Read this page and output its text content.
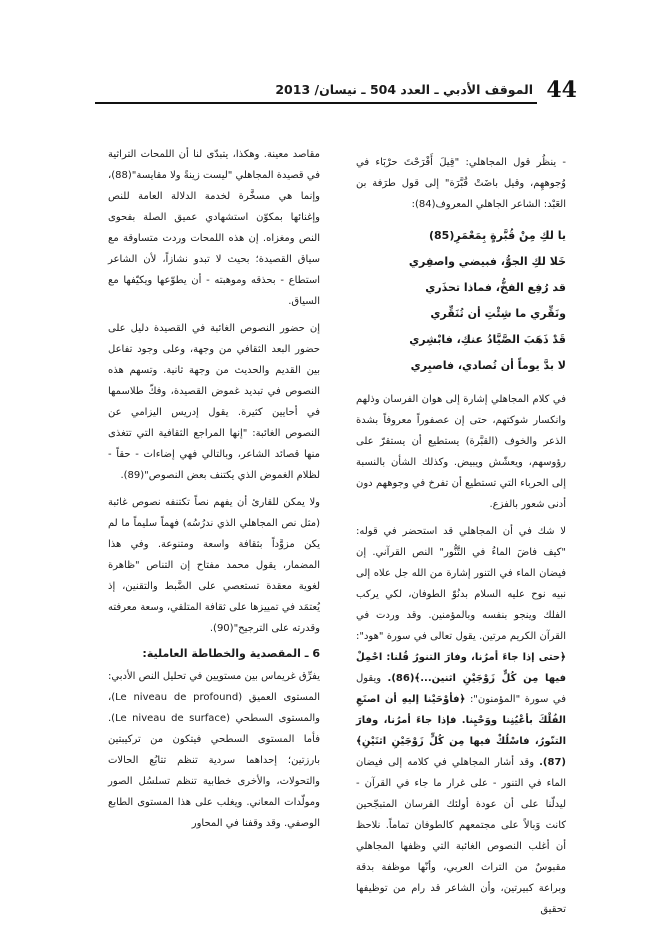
44
الموقف الأدبي ـ العدد 504 ـ نيسان/ 2013

- ينظُر قول المجاهلي: "قِيلَ أَفْرَحْتَ حرْبَاء في وُجوههِم، وقيل باضَتْ قُبَّرَة" إلى قول طرَفة بن العَبْد: الشاعر الجاهلي المعروف(84):

يا لكِ مِنْ قُبَّرةٍ بِمَعْمَرِ(85)
خَلا لكِ الجوُّ، فبيضي واصفِري
قد رُفِع الفخُّ، فماذا تحذَري
ونَقِّري ما شِئْتِ أن تُنَقِّري
قَدْ ذَهَبَ الصَّيَّادُ عنكِ، فابْشِري
لا بدَّ يوماً أن تُصادي، فاصبِري

في كلام المجاهلي إشارة إلى هوان الفرسان وذلهم وانكسار شوكتهم، حتى إن عصفوراً معروفاً بشدة الذعر والخوف (القبَّرة) يستطيع أن يستقرّ على رؤوسهم، ويعشّش ويبيض. وكذلك الشأن بالنسبة إلى الحرباء التي تستطيع أن تفرخ في وجوههم دون أدنى شعور بالفزع.

لا شك في أن المجاهلي قد استحضر في قوله: "كيف فاضَ الماءُ في التَّنُّور" النص القرآني. إن فيضان الماء في التنور إشارة من الله جل علاه إلى نبيه نوح عليه السلام بدنُوّ الطوفان، لكي يركب الفلك وينجو بنفسه وبالمؤمنين. وقد وردت في القرآن الكريم مرتين. يقول تعالى في سورة "هود": ﴿حتى إذا جاءَ أمرُنا، وفارَ التنورُ قُلنا: احْمِلْ فيها مِن كُلٍّ زَوْجَيْنِ اثنين...﴾(86). ويقول في سورة "المؤمنون": ﴿فأوْحَيْنا إليهِ أن اصنَعِ الفُلْكَ بأعْيُنِنا ووَحْيِنا. فإذا جاءَ أمرُنا، وفارَ التنّورُ، فاسْلُكْ فيها مِن كُلٍّ زَوْجَيْنِ اثنَيْنِ﴾(87). وقد أشار المجاهلي في كلامه إلى فيضان الماء في التنور - على غرار ما جاء في القرآن - ليدلّنا على أن عودة أولئك الفرسان المتبجّحين كانت وَبالاً على مجتمعهم كالطوفان تماماً. نلاحظ أن أغلب النصوص الغائبة التي وظفها المجاهلي مقبوسٌ من التراث العربي، وأنّها موظفة بدقة وبراعة كبيرتين، وأن الشاعر قد رام من توظيفها تحقيق

مقاصد معينة. وهكذا، يتبدّى لنا أن اللمحات التراثية في قصيدة المجاهلي "ليست زينةً ولا مقايسة"(88)، وإنما هي مسخَّرة لخدمة الدلالة العامة للنص وإغنائها بمكوّن استشهادي عميق الصلة بفحوى النص ومغزاه. إن هذه اللمحات وردت متساوقة مع سياق القصيدة؛ بحيث لا تبدو نشازاً، لأن الشاعر استطاع - بحذقه وموهبته - أن يطوّعها ويكيّفها مع السياق.

إن حضور النصوص الغائبة في القصيدة دليل على حضور البعد الثقافي من وجهة، وعلى وجود تفاعل بين القديم والحديث من وجهة ثانية. وتسهم هذه النصوص في تبديد غموض القصيدة، وفكّ طلاسمها في أحايين كثيرة. يقول إدريس اليزامي عن النصوص الغائبة: "إنها المراجع الثقافية التي تتغذى منها قصائد الشاعر، وبالتالي فهي إضاءات - حقاً - لظلام الغموض الذي يكتنف بعض النصوص"(89).

ولا يمكن للقارئ أن يفهم نصاً تكتنفه نصوص غائبة (مثل نص المجاهلي الذي ندرُسُه) فهماً سليماً ما لم يكن مزوَّداً بثقافة واسعة ومتنوعة. وفي هذا المضمار، يقول محمد مفتاح إن التناص "ظاهرة لغوية معقدة تستعصي على الضَّبط والتقنين، إذ يُعتمَد في تمييزها على ثقافة المتلقي، وسعة معرفته وقدرته على الترجيح"(90).

6 ـ المقصدية والخطاطة العاملية:

يفرِّق غريماس بين مستويين في تحليل النص الأدبي: المستوى العميق (Le niveau de profound)، والمستوى السطحي (Le niveau de surface). فأما المستوى السطحي فيتكون من تركيبتين بارزتين؛ إحداهما سردية تنظم تتابُع الحالات والتحولات، والأخرى خطابية تنظم تسلسُل الصور ومولّدات المعاني. ويغلب على هذا المستوى الطابع الوصفي. وقد وقفنا في المحاور
